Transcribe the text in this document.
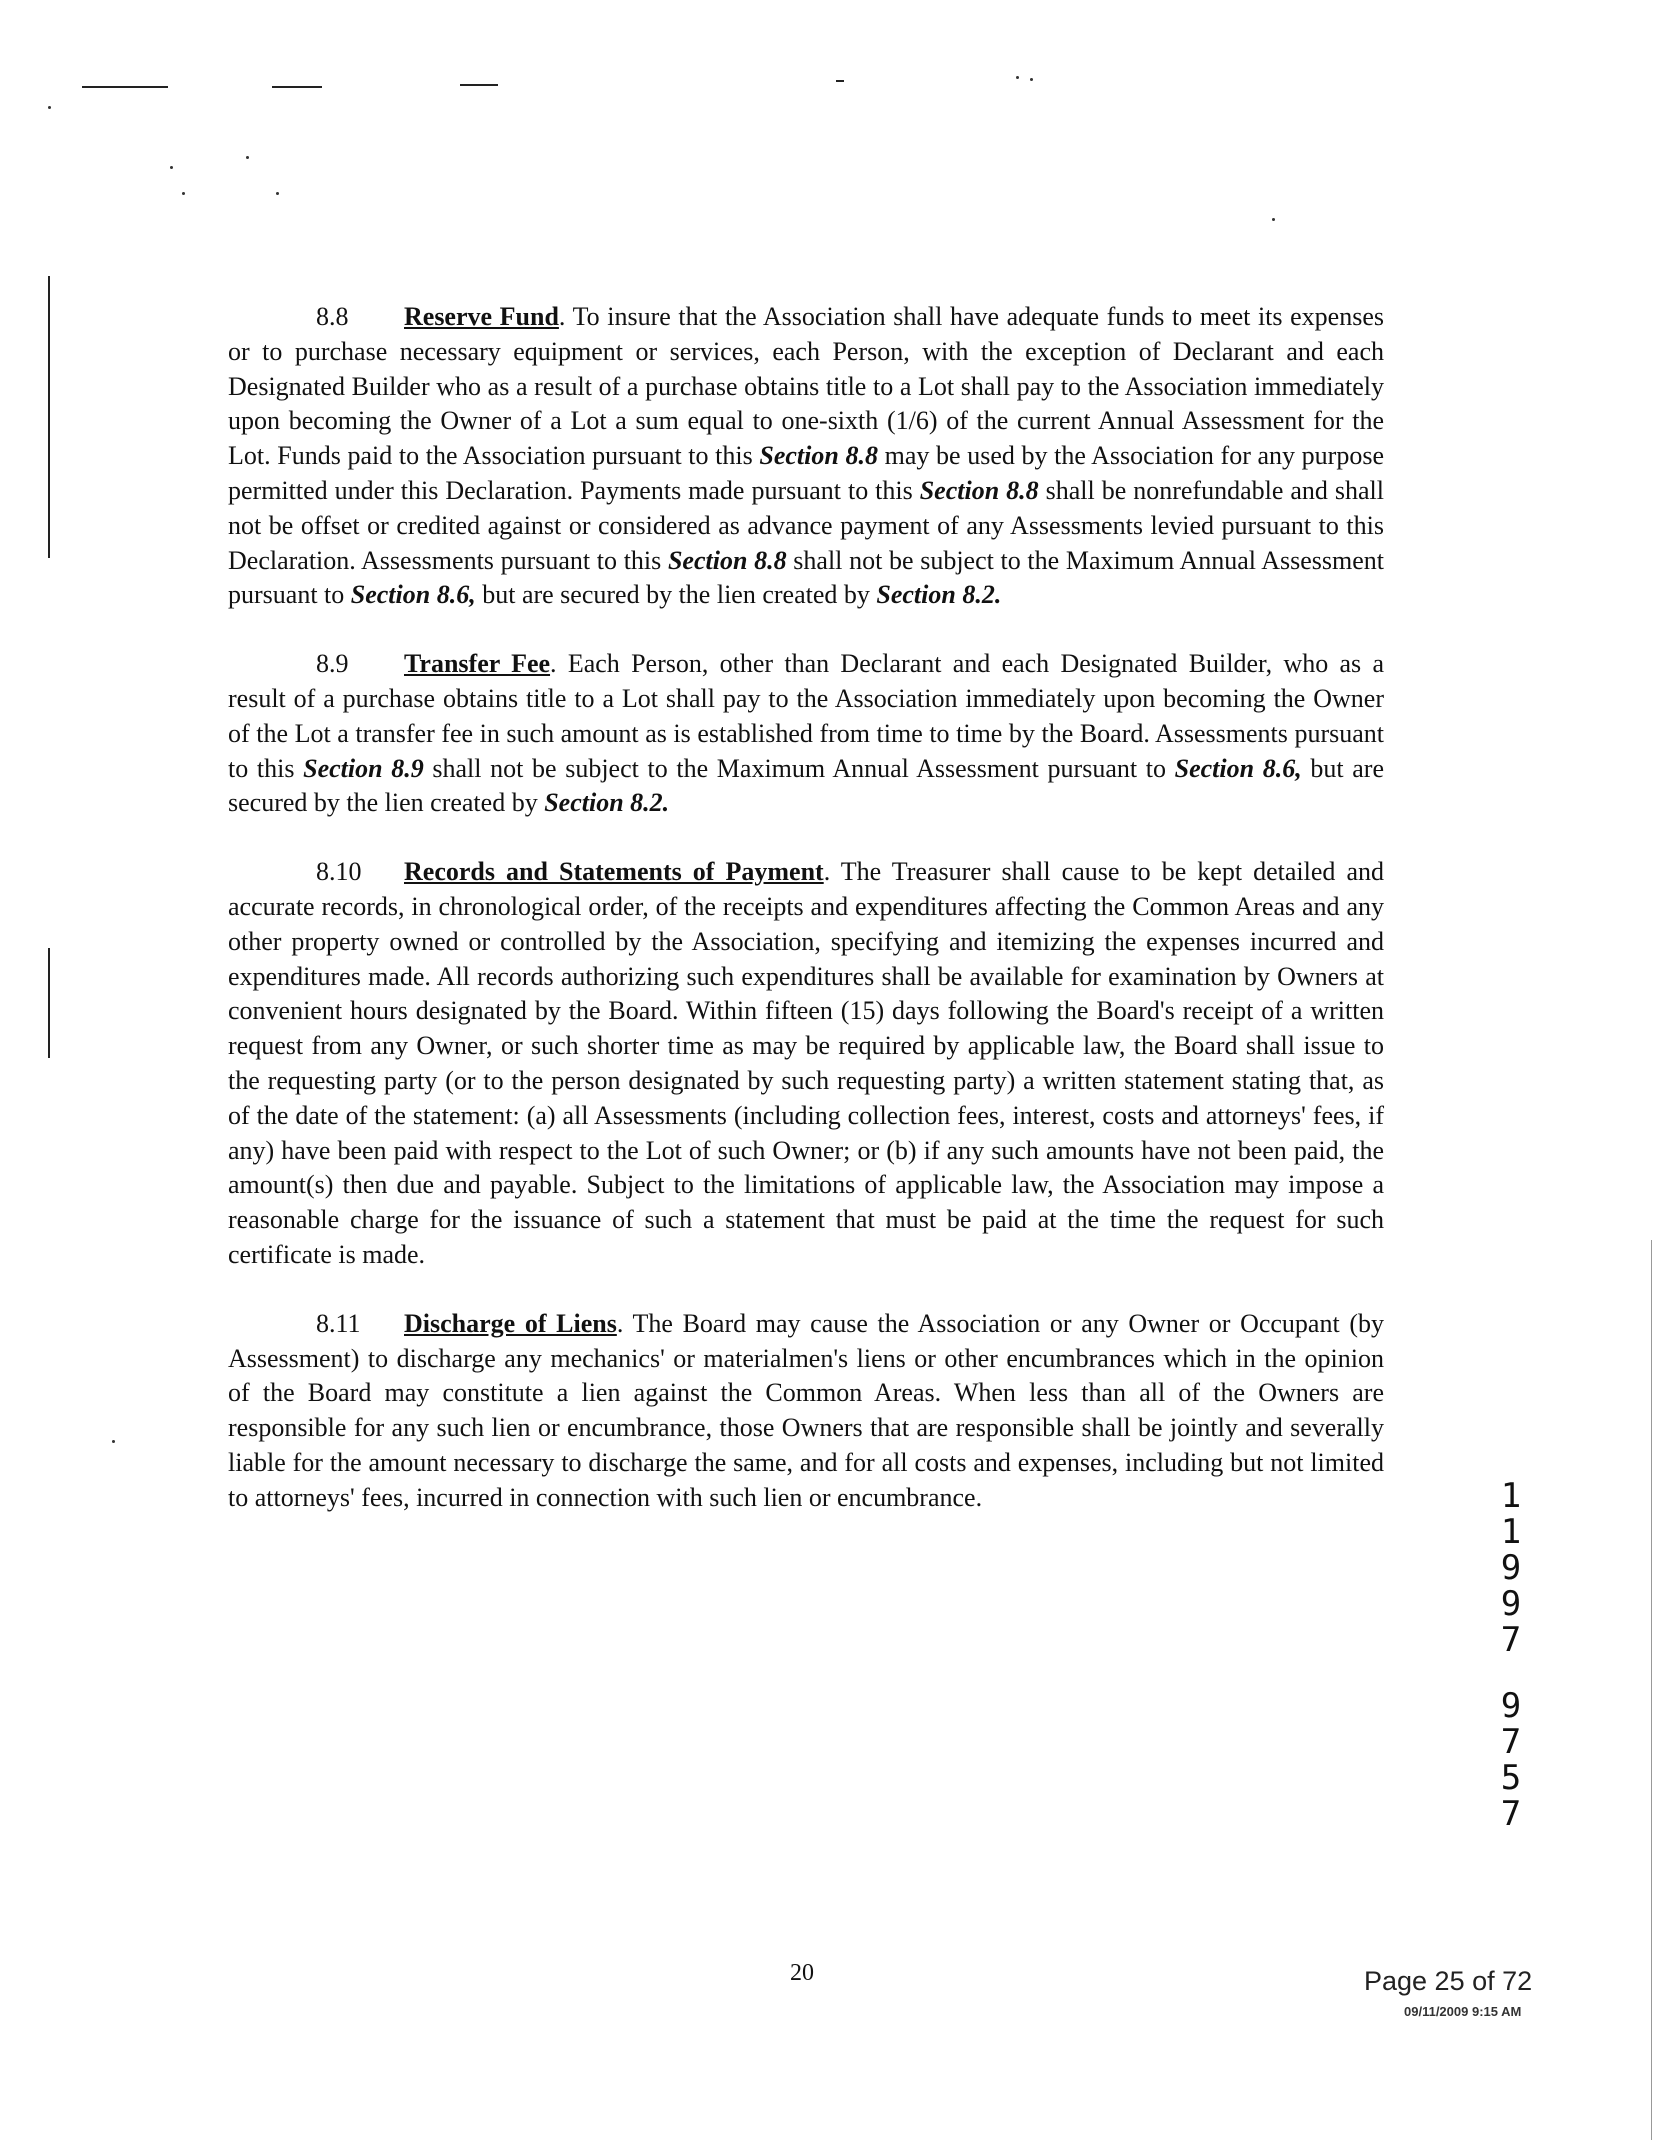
8.8 Reserve Fund. To insure that the Association shall have adequate funds to meet its expenses or to purchase necessary equipment or services, each Person, with the exception of Declarant and each Designated Builder who as a result of a purchase obtains title to a Lot shall pay to the Association immediately upon becoming the Owner of a Lot a sum equal to one-sixth (1/6) of the current Annual Assessment for the Lot. Funds paid to the Association pursuant to this Section 8.8 may be used by the Association for any purpose permitted under this Declaration. Payments made pursuant to this Section 8.8 shall be nonrefundable and shall not be offset or credited against or considered as advance payment of any Assessments levied pursuant to this Declaration. Assessments pursuant to this Section 8.8 shall not be subject to the Maximum Annual Assessment pursuant to Section 8.6, but are secured by the lien created by Section 8.2.

8.9 Transfer Fee. Each Person, other than Declarant and each Designated Builder, who as a result of a purchase obtains title to a Lot shall pay to the Association immediately upon becoming the Owner of the Lot a transfer fee in such amount as is established from time to time by the Board. Assessments pursuant to this Section 8.9 shall not be subject to the Maximum Annual Assessment pursuant to Section 8.6, but are secured by the lien created by Section 8.2.

8.10 Records and Statements of Payment. The Treasurer shall cause to be kept detailed and accurate records, in chronological order, of the receipts and expenditures affecting the Common Areas and any other property owned or controlled by the Association, specifying and itemizing the expenses incurred and expenditures made. All records authorizing such expenditures shall be available for examination by Owners at convenient hours designated by the Board. Within fifteen (15) days following the Board's receipt of a written request from any Owner, or such shorter time as may be required by applicable law, the Board shall issue to the requesting party (or to the person designated by such requesting party) a written statement stating that, as of the date of the statement: (a) all Assessments (including collection fees, interest, costs and attorneys' fees, if any) have been paid with respect to the Lot of such Owner; or (b) if any such amounts have not been paid, the amount(s) then due and payable. Subject to the limitations of applicable law, the Association may impose a reasonable charge for the issuance of such a statement that must be paid at the time the request for such certificate is made.

8.11 Discharge of Liens. The Board may cause the Association or any Owner or Occupant (by Assessment) to discharge any mechanics' or materialmen's liens or other encumbrances which in the opinion of the Board may constitute a lien against the Common Areas. When less than all of the Owners are responsible for any such lien or encumbrance, those Owners that are responsible shall be jointly and severally liable for the amount necessary to discharge the same, and for all costs and expenses, including but not limited to attorneys' fees, incurred in connection with such lien or encumbrance.	1
1
9
9
7
9
7
5
7
20	Page 25 of 72
09/11/2009 9:15 AM
